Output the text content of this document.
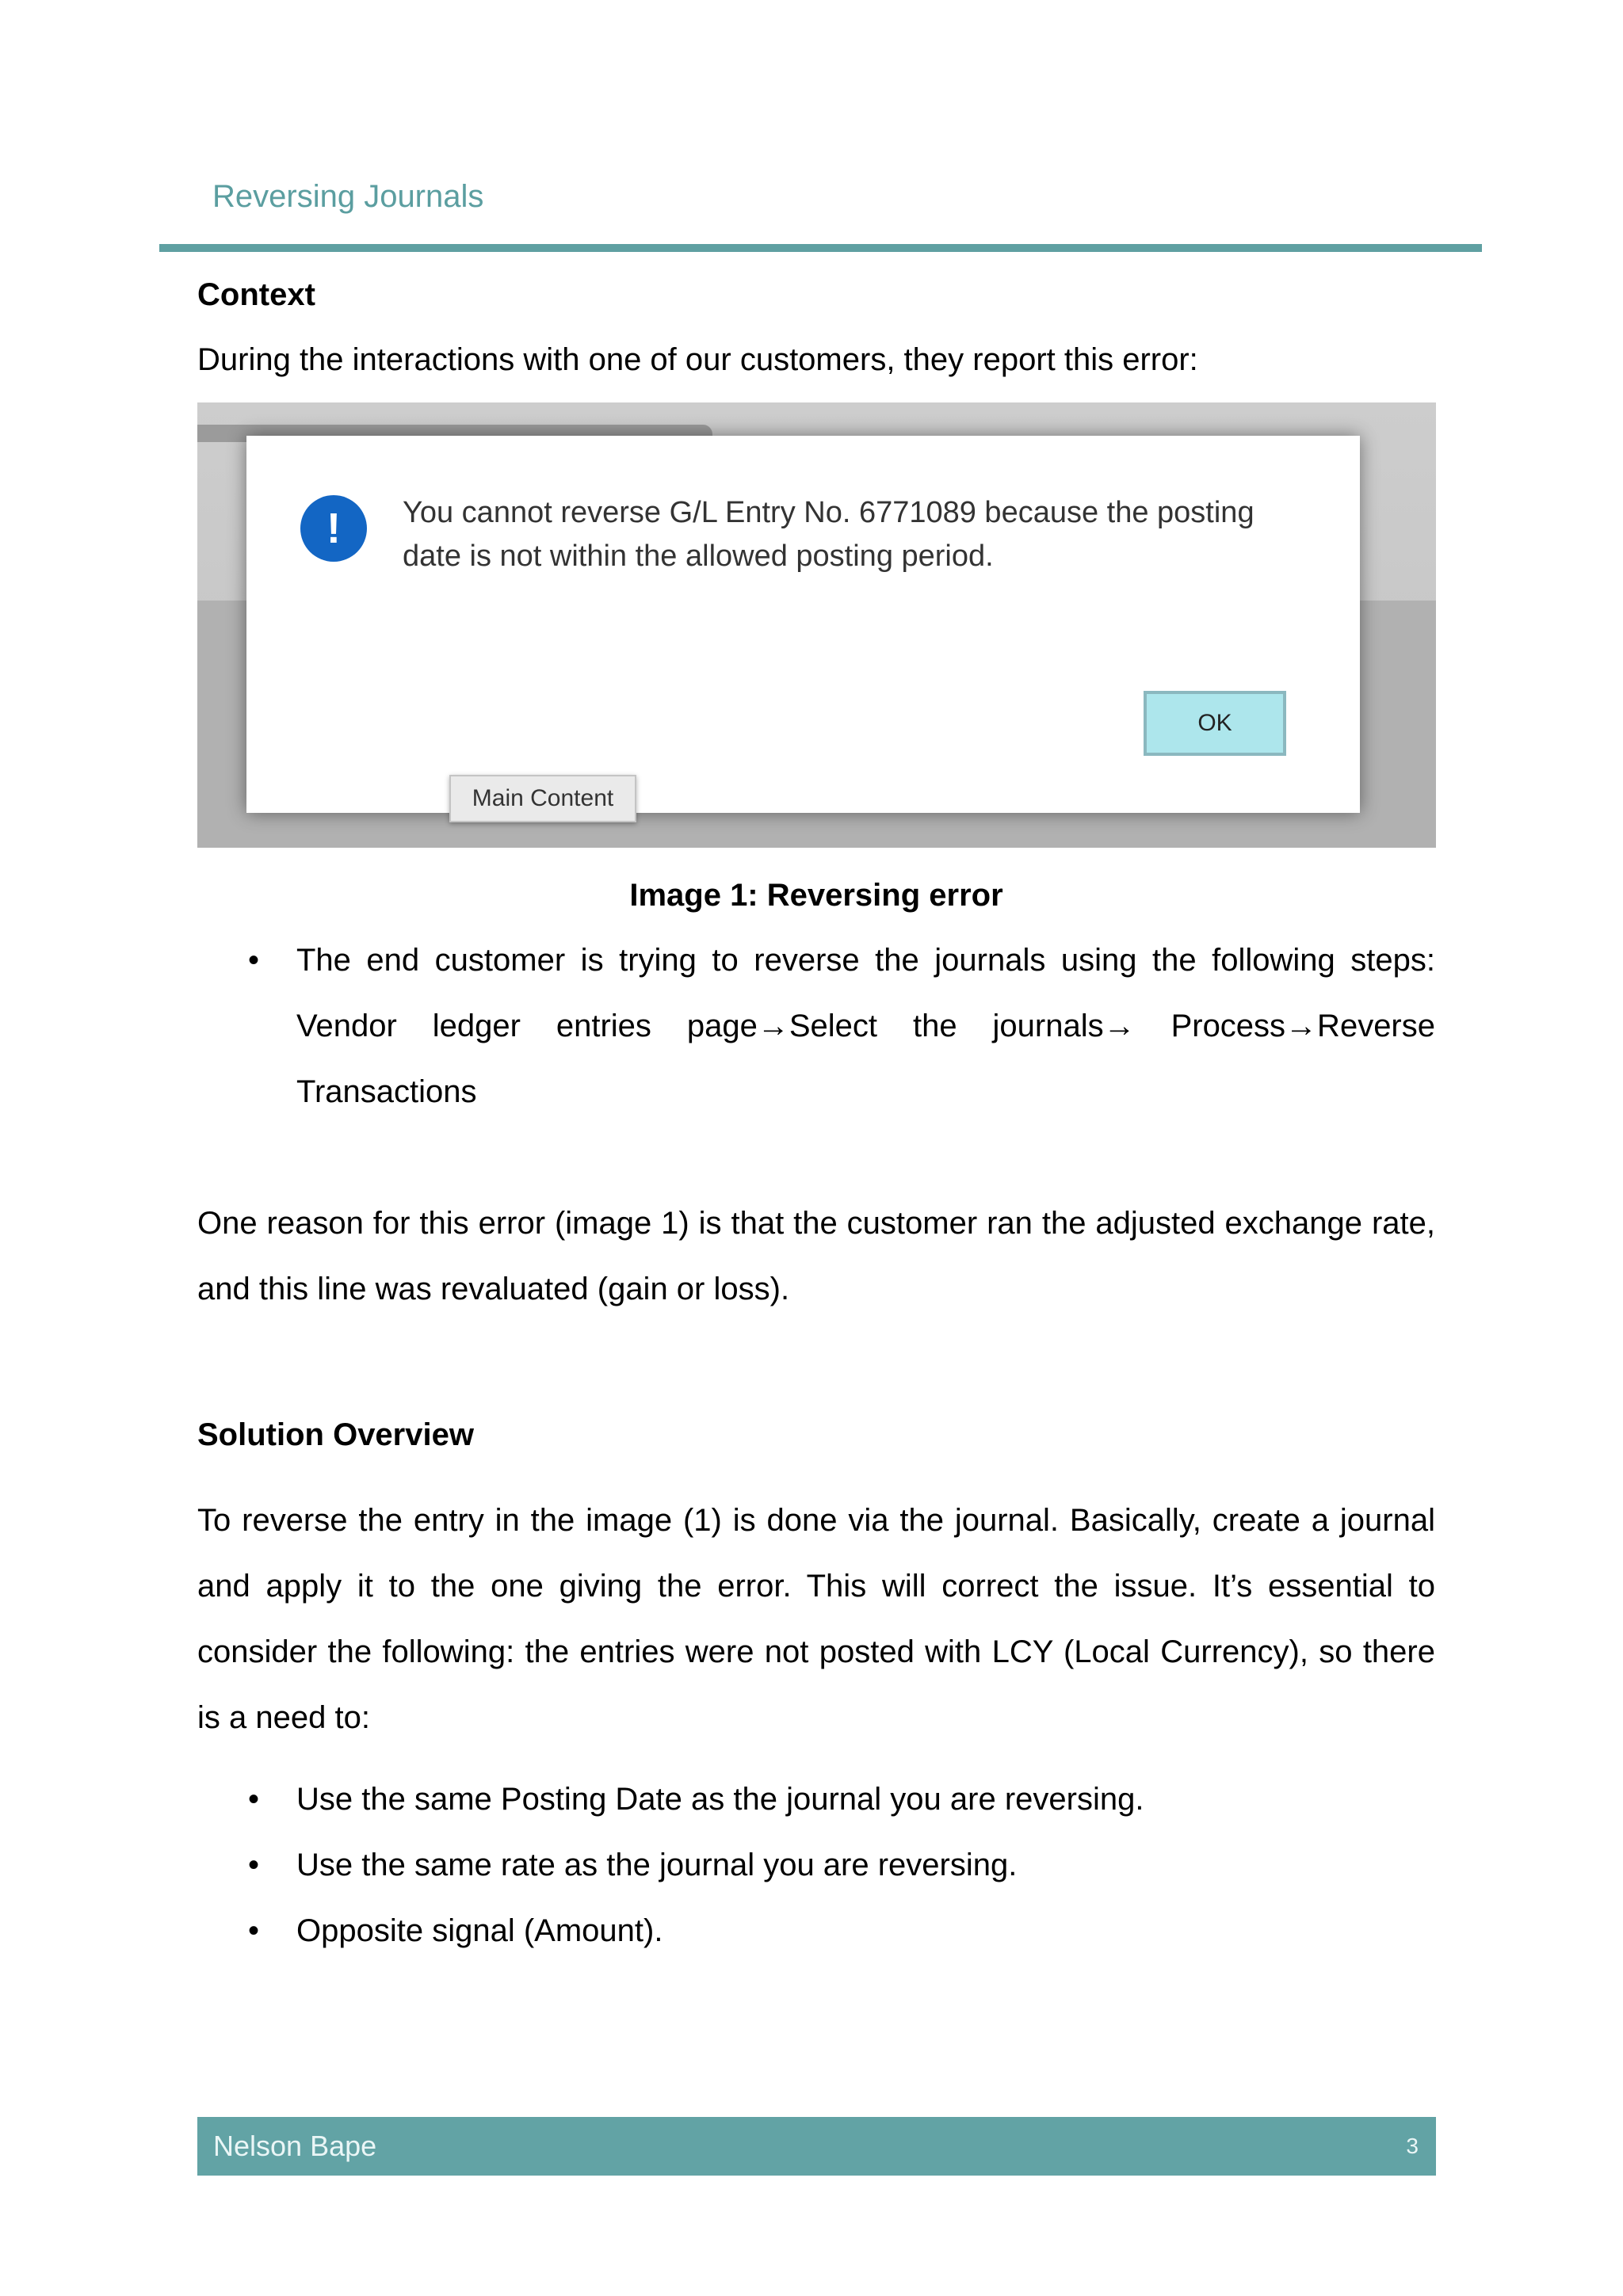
Reversing Journals
Context
During the interactions with one of our customers, they report this error:
!	You cannot reverse G/L Entry No. 6771089 because the posting date is not within the allowed posting period.
OK
Main Content
Image 1: Reversing error
• The end customer is trying to reverse the journals using the following steps: Vendor ledger entries page→Select the journals→ Process→Reverse Transactions
One reason for this error (image 1) is that the customer ran the adjusted exchange rate, and this line was revaluated (gain or loss).
Solution Overview
To reverse the entry in the image (1) is done via the journal. Basically, create a journal and apply it to the one giving the error. This will correct the issue. It’s essential to consider the following: the entries were not posted with LCY (Local Currency), so there is a need to:
• Use the same Posting Date as the journal you are reversing.
• Use the same rate as the journal you are reversing.
• Opposite signal (Amount).
Nelson Bape	3
